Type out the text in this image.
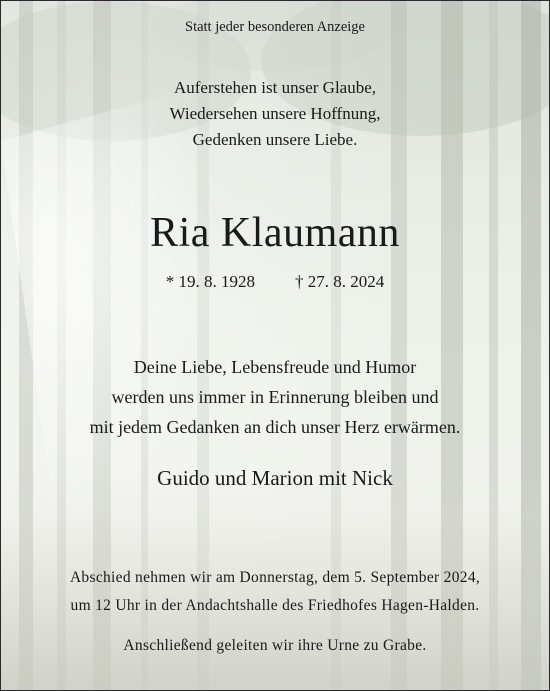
Statt jeder besonderen Anzeige
Auferstehen ist unser Glaube,
Wiedersehen unsere Hoffnung,
Gedenken unsere Liebe.
Ria Klaumann
* 19. 8. 1928 † 27. 8. 2024
Deine Liebe, Lebensfreude und Humor
werden uns immer in Erinnerung bleiben und
mit jedem Gedanken an dich unser Herz erwärmen.
Guido und Marion mit Nick
Abschied nehmen wir am Donnerstag, dem 5. September 2024,
um 12 Uhr in der Andachtshalle des Friedhofes Hagen-Halden.
Anschließend geleiten wir ihre Urne zu Grabe.
